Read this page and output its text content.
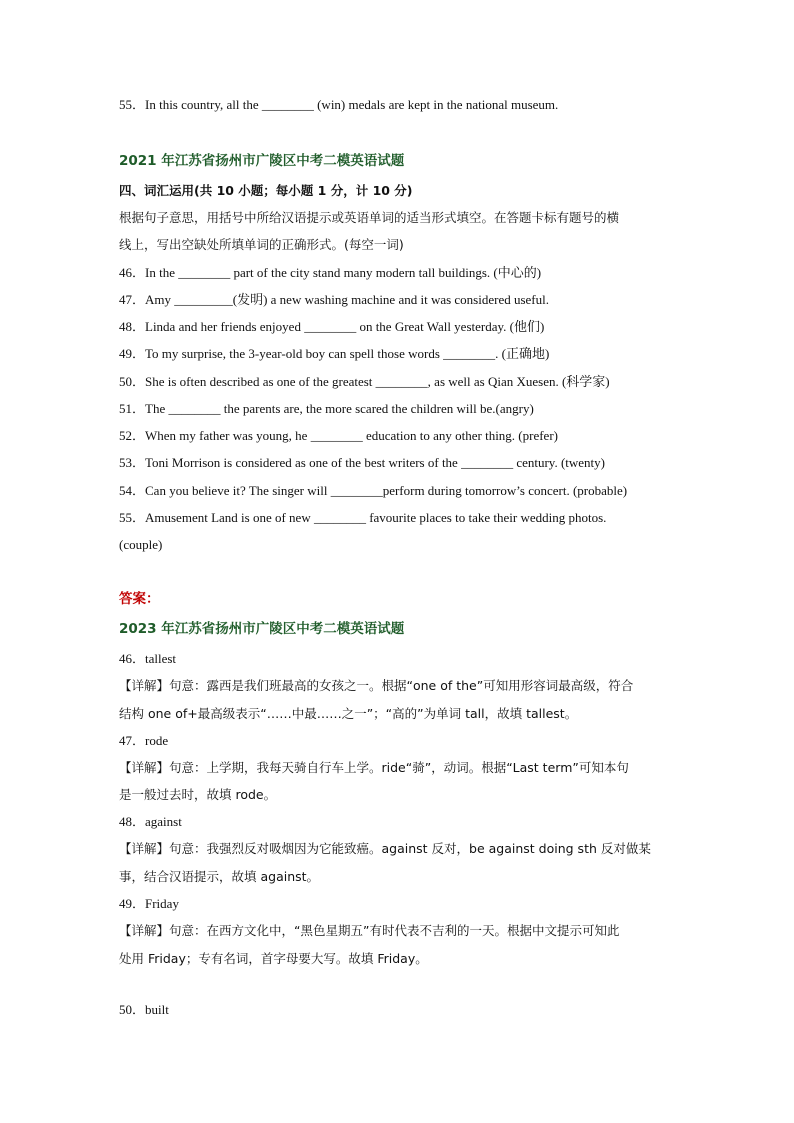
55．In this country, all the ________ (win) medals are kept in the national museum.
2021 年江苏省扬州市广陵区中考二模英语试题
四、词汇运用(共 10 小题；每小题 1 分，计 10 分)
根据句子意思，用括号中所给汉语提示或英语单词的适当形式填空。在答题卡标有题号的横
线上，写出空缺处所填单词的正确形式。(每空一词)
46．In the ________ part of the city stand many modern tall buildings. (中心的)
47．Amy _________(发明) a new washing machine and it was considered useful.
48．Linda and her friends enjoyed ________ on the Great Wall yesterday. (他们)
49．To my surprise, the 3-year-old boy can spell those words ________. (正确地)
50．She is often described as one of the greatest ________, as well as Qian Xuesen. (科学家)
51．The ________ the parents are, the more scared the children will be.(angry)
52．When my father was young, he ________ education to any other thing. (prefer)
53．Toni Morrison is considered as one of the best writers of the ________ century. (twenty)
54．Can you believe it? The singer will ________perform during tomorrow’s concert. (probable)
55．Amusement Land is one of new ________ favourite places to take their wedding photos.
(couple)
答案：
2023 年江苏省扬州市广陵区中考二模英语试题
46．tallest
【详解】句意：露西是我们班最高的女孩之一。根据“one of the”可知用形容词最高级，符合
结构 one of+最高级表示“……中最……之一”；“高的”为单词 tall，故填 tallest。
47．rode
【详解】句意：上学期，我每天骑自行车上学。ride“骑”，动词。根据“Last term”可知本句
是一般过去时，故填 rode。
48．against
【详解】句意：我强烈反对吸烟因为它能致癌。against 反对，be against doing sth 反对做某
事，结合汉语提示，故填 against。
49．Friday
【详解】句意：在西方文化中，“黑色星期五”有时代表不吉利的一天。根据中文提示可知此
处用 Friday；专有名词，首字母要大写。故填 Friday。
50．built
